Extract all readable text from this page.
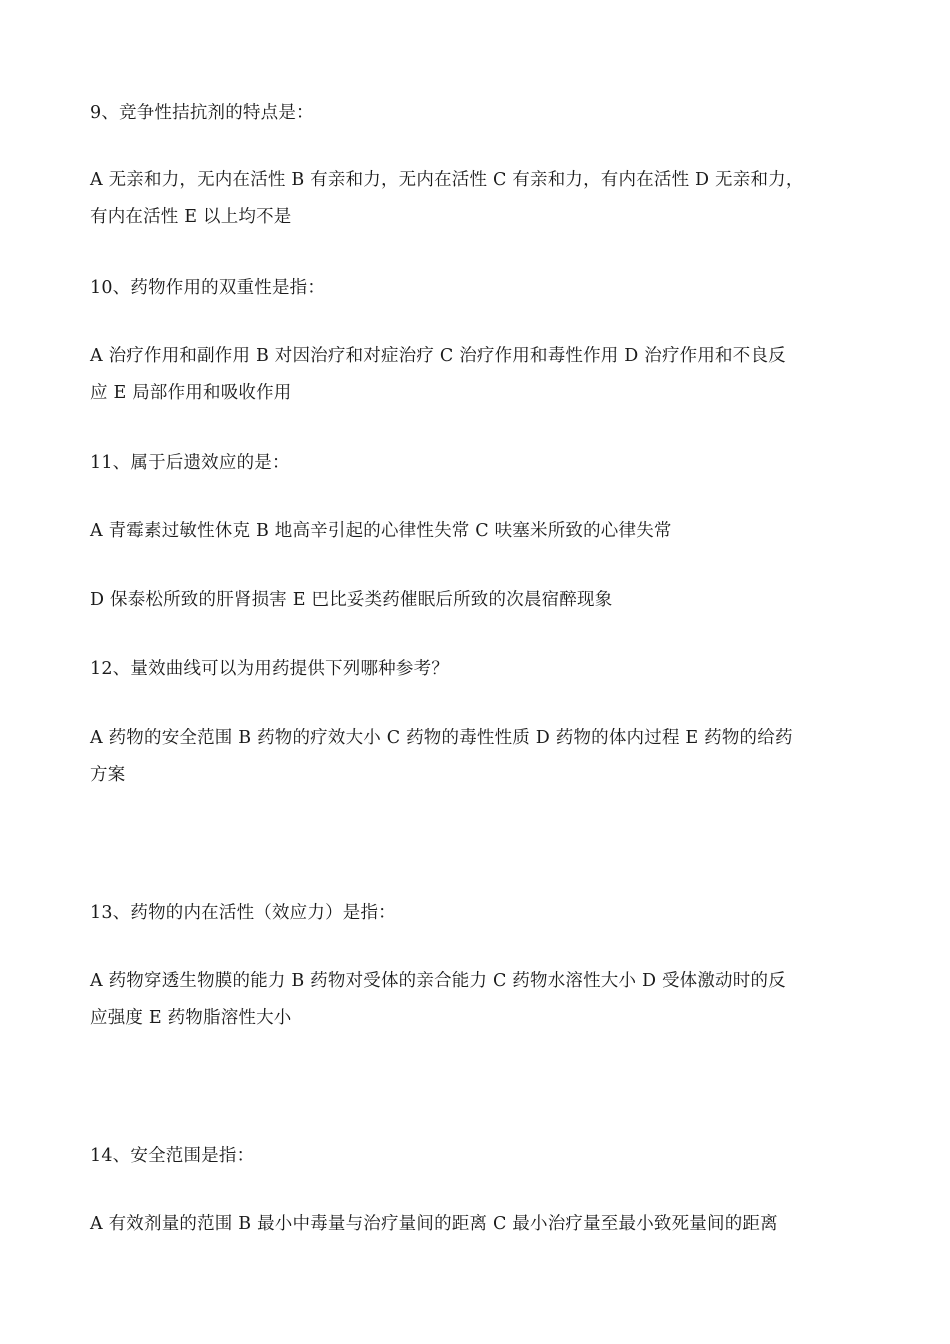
9、竞争性拮抗剂的特点是：
A 无亲和力，无内在活性 B 有亲和力，无内在活性 C 有亲和力，有内在活性 D 无亲和力，
有内在活性 E 以上均不是
10、药物作用的双重性是指：
A 治疗作用和副作用 B 对因治疗和对症治疗 C 治疗作用和毒性作用 D 治疗作用和不良反
应 E 局部作用和吸收作用
11、属于后遗效应的是：
A 青霉素过敏性休克 B 地高辛引起的心律性失常 C 呋塞米所致的心律失常
D 保泰松所致的肝肾损害 E 巴比妥类药催眠后所致的次晨宿醉现象
12、量效曲线可以为用药提供下列哪种参考？
A 药物的安全范围 B 药物的疗效大小 C 药物的毒性性质 D 药物的体内过程 E 药物的给药
方案
13、药物的内在活性（效应力）是指：
A 药物穿透生物膜的能力 B 药物对受体的亲合能力 C 药物水溶性大小 D 受体激动时的反
应强度 E 药物脂溶性大小
14、安全范围是指：
A 有效剂量的范围 B 最小中毒量与治疗量间的距离 C 最小治疗量至最小致死量间的距离
